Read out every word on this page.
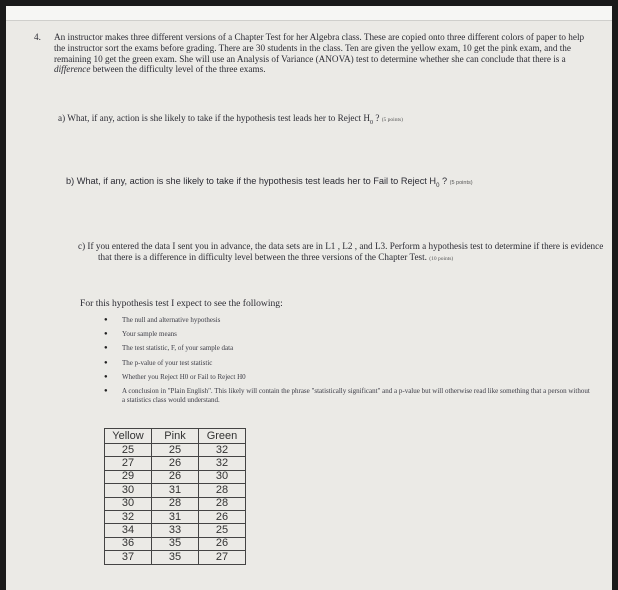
4. An instructor makes three different versions of a Chapter Test for her Algebra class. These are copied onto three different colors of paper to help the instructor sort the exams before grading. There are 30 students in the class. Ten are given the yellow exam, 10 get the pink exam, and the remaining 10 get the green exam. She will use an Analysis of Variance (ANOVA) test to determine whether she can conclude that there is a difference between the difficulty level of the three exams.
a) What, if any, action is she likely to take if the hypothesis test leads her to Reject $H_0$ ? (5 points)
b) What, if any, action is she likely to take if the hypothesis test leads her to Fail to Reject $H_0$ ? (5 points)
c) If you entered the data I sent you in advance, the data sets are in L1 , L2 , and L3. Perform a hypothesis test to determine if there is evidence that there is a difference in difficulty level between the three versions of the Chapter Test. (10 points)
For this hypothesis test I expect to see the following:
● The null and alternative hypothesis
● Your sample means
● The test statistic, F, of your sample data
● The p-value of your test statistic
● Whether you Reject H0 or Fail to Reject H0
● A conclusion in "Plain English". This likely will contain the phrase "statistically significant" and a p-value but will otherwise read like something that a person without a statistics class would understand.
Yellow	Pink	Green
25	25	32
27	26	32
29	26	30
30	31	28
30	28	28
32	31	26
34	33	25
36	35	26
37	35	27
